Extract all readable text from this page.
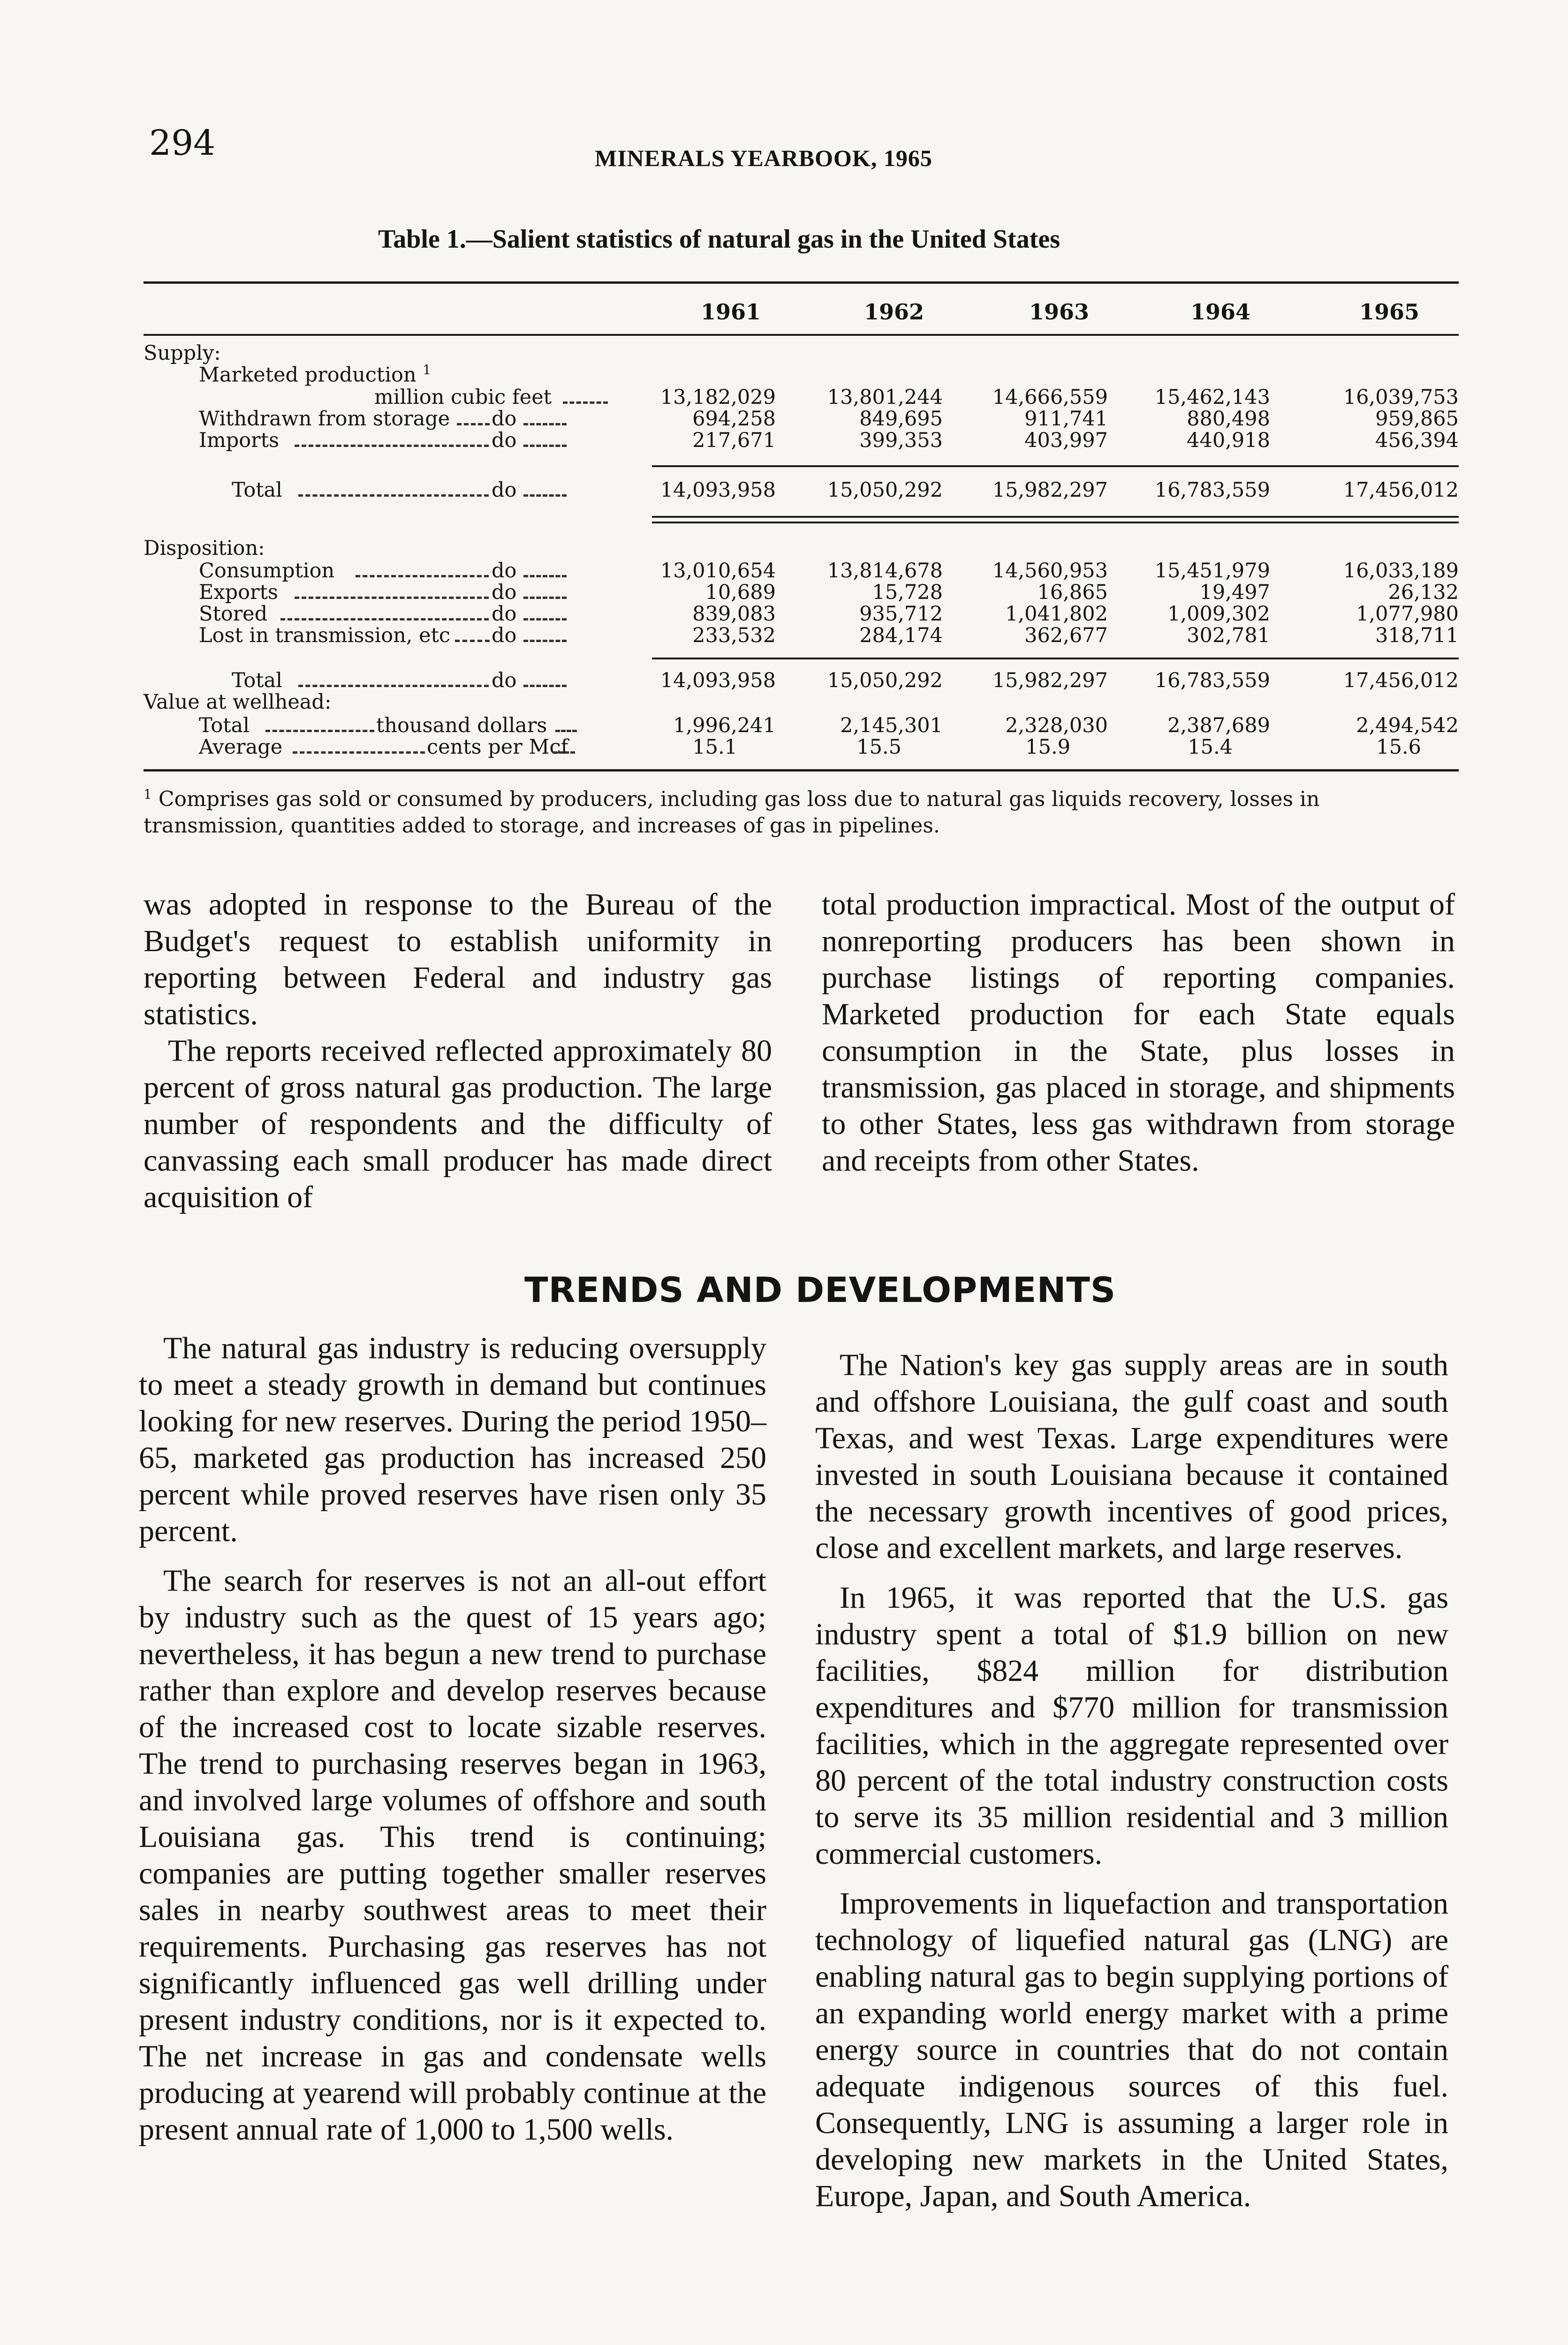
294	MINERALS YEARBOOK, 1965
Table 1.—Salient statistics of natural gas in the United States
1961	1962	1963	1964	1965
Supply:
Marketed production $^1$
million cubic feet	13,182,029	13,801,244	14,666,559	15,462,143	16,039,753
Withdrawn from storage do	694,258	849,695	911,741	880,498	959,865
Imports	do	217,671	399,353	403,997	440,918	456,394
Total	do	14,093,958	15,050,292	15,982,297	16,783,559	17,456,012
Disposition:
Consumption	do	13,010,654	13,814,678	14,560,953	15,451,979	16,033,189
Exports	do	10,689	15,728	16,865	19,497	26,132
Stored	do	839,083	935,712	1,041,802	1,009,302	1,077,980
Lost in transmission, etc do	233,532	284,174	362,677	302,781	318,711
Total	do	14,093,958	15,050,292	15,982,297	16,783,559	17,456,012
Value at wellhead:
Total	thousand dollars	1,996,241	2,145,301	2,328,030	2,387,689	2,494,542
Average	cents per Mcf	15.1	15.5	15.9	15.4	15.6
$^1$ Comprises gas sold or consumed by producers, including gas loss due to natural gas liquids recovery, losses in transmission, quantities added to storage, and increases of gas in pipelines.

was adopted in response to the Bureau of the Budget's request to establish uniformity in reporting between Federal and industry gas statistics.

The reports received reflected approximately 80 percent of gross natural gas production. The large number of respondents and the difficulty of canvassing each small producer has made direct acquisition of

total production impractical. Most of the output of nonreporting producers has been shown in purchase listings of reporting companies. Marketed production for each State equals consumption in the State, plus losses in transmission, gas placed in storage, and shipments to other States, less gas withdrawn from storage and receipts from other States.

TRENDS AND DEVELOPMENTS

The natural gas industry is reducing oversupply to meet a steady growth in demand but continues looking for new reserves. During the period 1950–65, marketed gas production has increased 250 percent while proved reserves have risen only 35 percent.

The search for reserves is not an all-out effort by industry such as the quest of 15 years ago; nevertheless, it has begun a new trend to purchase rather than explore and develop reserves because of the increased cost to locate sizable reserves. The trend to purchasing reserves began in 1963, and involved large volumes of offshore and south Louisiana gas. This trend is continuing; companies are putting together smaller reserves sales in nearby southwest areas to meet their requirements. Purchasing gas reserves has not significantly influenced gas well drilling under present industry conditions, nor is it expected to. The net increase in gas and condensate wells producing at yearend will probably continue at the present annual rate of 1,000 to 1,500 wells.

The Nation's key gas supply areas are in south and offshore Louisiana, the gulf coast and south Texas, and west Texas. Large expenditures were invested in south Louisiana because it contained the necessary growth incentives of good prices, close and excellent markets, and large reserves.

In 1965, it was reported that the U.S. gas industry spent a total of $1.9 billion on new facilities, $824 million for distribution expenditures and $770 million for transmission facilities, which in the aggregate represented over 80 percent of the total industry construction costs to serve its 35 million residential and 3 million commercial customers.

Improvements in liquefaction and transportation technology of liquefied natural gas (LNG) are enabling natural gas to begin supplying portions of an expanding world energy market with a prime energy source in countries that do not contain adequate indigenous sources of this fuel. Consequently, LNG is assuming a larger role in developing new markets in the United States, Europe, Japan, and South America.
